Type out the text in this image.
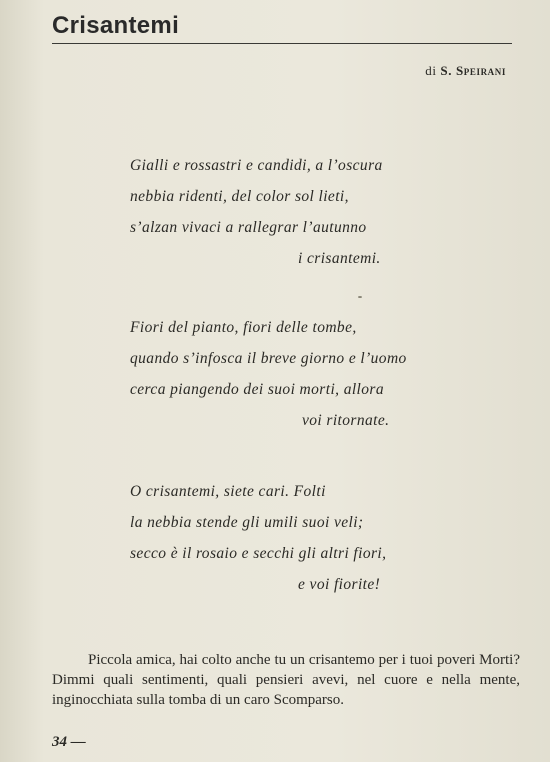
Crisantemi
di S. Speirani
Gialli e rossastri e candidi, a l’oscura
nebbia ridenti, del color sol lieti,
s’alzan vivaci a rallegrar l’autunno
i crisantemi.
Fiori del pianto, fiori delle tombe,
quando s’infosca il breve giorno e l’uomo
cerca piangendo dei suoi morti, allora
voi ritornate.
O crisantemi, siete cari. Folti
la nebbia stende gli umili suoi veli;
secco è il rosaio e secchi gli altri fiori,
e voi fiorite!
Piccola amica, hai colto anche tu un crisantemo per i tuoi poveri Morti? Dimmi quali sentimenti, quali pensieri avevi, nel cuore e nella mente, inginocchiata sulla tomba di un caro Scomparso.
34 —
